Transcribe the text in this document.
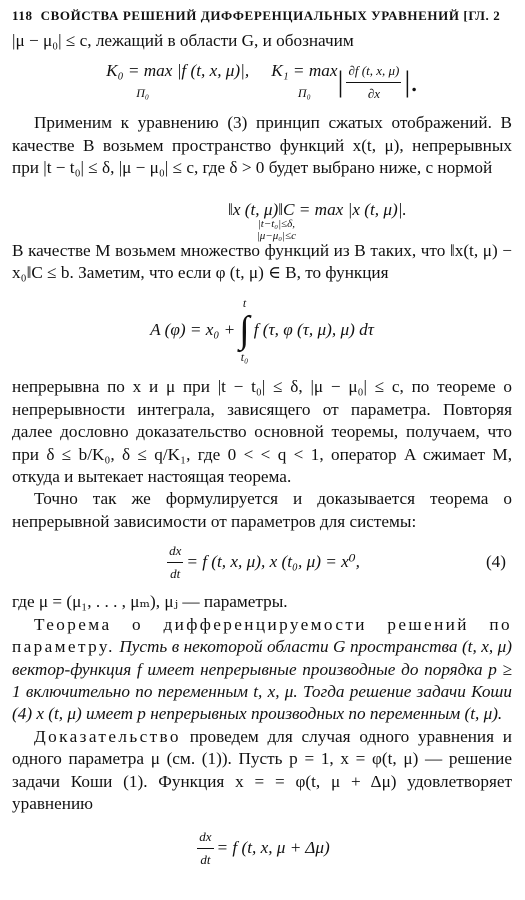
118 СВОЙСТВА РЕШЕНИЙ ДИФФЕРЕНЦИАЛЬНЫХ УРАВНЕНИЙ [ГЛ. 2

|μ − μ₀| ≤ c, лежащий в области G, и обозначим

K₀ = max |f (t, x, μ)|,
Π₀
K₁ = max
Π₀ | $\frac{\partial f (t, x, \mu)}{\partial x}$ |.

Применим к уравнению (3) принцип сжатых отображений. В качестве B возьмем пространство функций x(t, μ), непрерывных при |t − t₀| ≤ δ, |μ − μ₀| ≤ c, где δ > 0 будет выбрано ниже, с нормой

‖x (t, μ)‖C = max |x (t, μ)|.
|t−t₀|≤δ,
|μ−μ₀|≤c

В качестве M возьмем множество функций из B таких, что ‖x(t, μ) − x₀‖C ≤ b. Заметим, что если φ (t, μ) ∈ B, то функция

A (φ) = x₀ +
t
∫
t₀
f (τ, φ (τ, μ), μ) dτ

непрерывна по x и μ при |t − t₀| ≤ δ, |μ − μ₀| ≤ c, по теореме о непрерывности интеграла, зависящего от параметра. Повторяя далее дословно доказательство основной теоремы, получаем, что при δ ≤ b/K₀, δ ≤ q/K₁, где 0 < < q < 1, оператор A сжимает M, откуда и вытекает настоящая теорема.

Точно так же формулируется и доказывается теорема о непрерывной зависимости от параметров для системы:

$\frac{dx}{dt} = f$ (t, x, μ), x (t₀, μ) = x⁰,	(4)

где μ = (μ₁, . . . , μₘ), μⱼ — параметры.

Теорема о дифференцируемости решений по параметру. Пусть в некоторой области G пространства (t, x, μ) вектор-функция f имеет непрерывные производные до порядка p ≥ 1 включительно по переменным t, x, μ. Тогда решение задачи Коши (4) x (t, μ) имеет p непрерывных производных по переменным (t, μ).

Доказательство проведем для случая одного уравнения и одного параметра μ (см. (1)). Пусть p = 1, x = φ(t, μ) — решение задачи Коши (1). Функция x = = φ(t, μ + Δμ) удовлетворяет уравнению

$\frac{dx}{dt} = f$ (t, x, μ + Δμ)
